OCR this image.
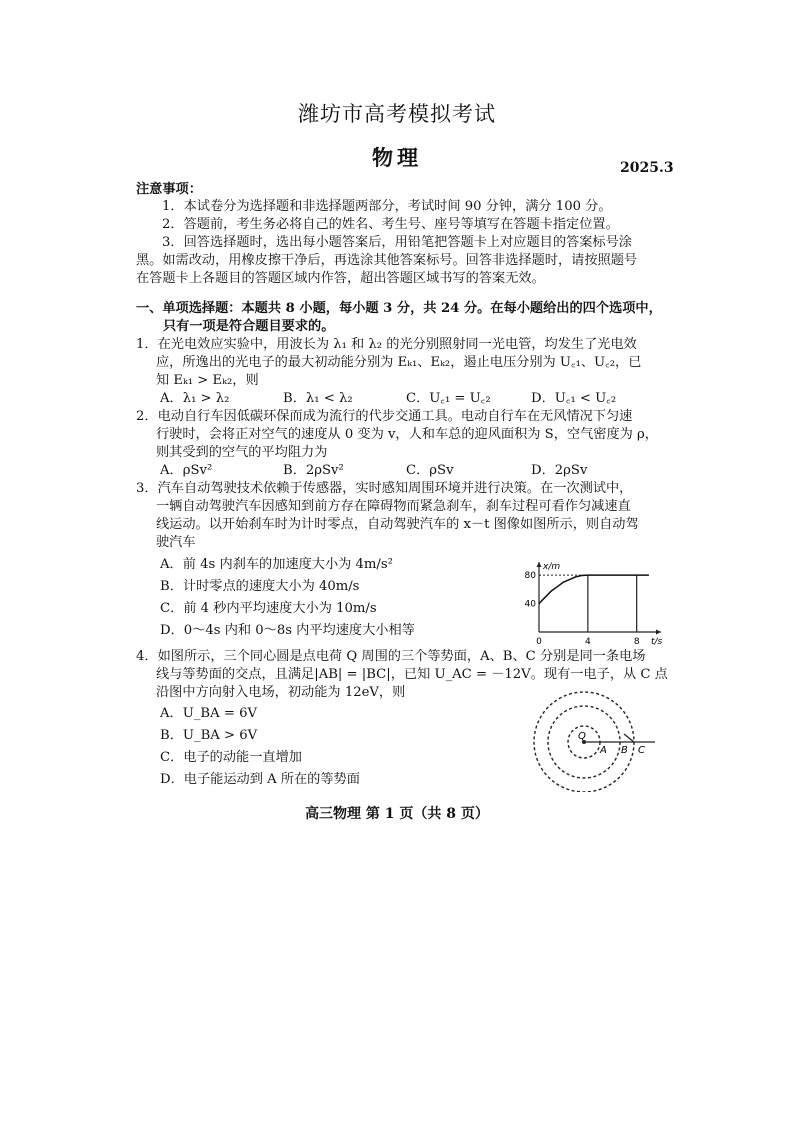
潍坊市高考模拟考试
物理	2025.3
注意事项：
1．本试卷分为选择题和非选择题两部分，考试时间 90 分钟，满分 100 分。
2．答题前，考生务必将自己的姓名、考生号、座号等填写在答题卡指定位置。
3．回答选择题时，选出每小题答案后，用铅笔把答题卡上对应题目的答案标号涂
黑。如需改动，用橡皮擦干净后，再选涂其他答案标号。回答非选择题时，请按照题号
在答题卡上各题目的答题区域内作答，超出答题区域书写的答案无效。
一、单项选择题：本题共 8 小题，每小题 3 分，共 24 分。在每小题给出的四个选项中，
只有一项是符合题目要求的。
1．在光电效应实验中，用波长为 λ₁ 和 λ₂ 的光分别照射同一光电管，均发生了光电效
应，所逸出的光电子的最大初动能分别为 Eₖ₁、Eₖ₂，遏止电压分别为 U꜀₁、U꜀₂，已
知 Eₖ₁ > Eₖ₂，则
A．λ₁ > λ₂	B．λ₁ < λ₂	C．U꜀₁ = U꜀₂	D．U꜀₁ < U꜀₂
2．电动自行车因低碳环保而成为流行的代步交通工具。电动自行车在无风情况下匀速
行驶时，会将正对空气的速度从 0 变为 v，人和车总的迎风面积为 S，空气密度为 ρ，
则其受到的空气的平均阻力为
A．ρSv²	B．2ρSv²	C．ρSv	D．2ρSv
3．汽车自动驾驶技术依赖于传感器，实时感知周围环境并进行决策。在一次测试中，
一辆自动驾驶汽车因感知到前方存在障碍物而紧急刹车，刹车过程可看作匀减速直
线运动。以开始刹车时为计时零点，自动驾驶汽车的 x－t 图像如图所示，则自动驾
驶汽车
A．前 4s 内刹车的加速度大小为 4m/s²
B．计时零点的速度大小为 40m/s
C．前 4 秒内平均速度大小为 10m/s
D．0～4s 内和 0～8s 内平均速度大小相等
x/m
t/s
40
80
0	4	8
4．如图所示，三个同心圆是点电荷 Q 周围的三个等势面，A、B、C 分别是同一条电场
线与等势面的交点，且满足|AB| = |BC|，已知 U_AC = －12V。现有一电子，从 C 点
沿图中方向射入电场，初动能为 12eV，则
A．U_BA = 6V
B．U_BA > 6V
C．电子的动能一直增加
D．电子能运动到 A 所在的等势面
Q
A B C
高三物理 第 1 页（共 8 页）
